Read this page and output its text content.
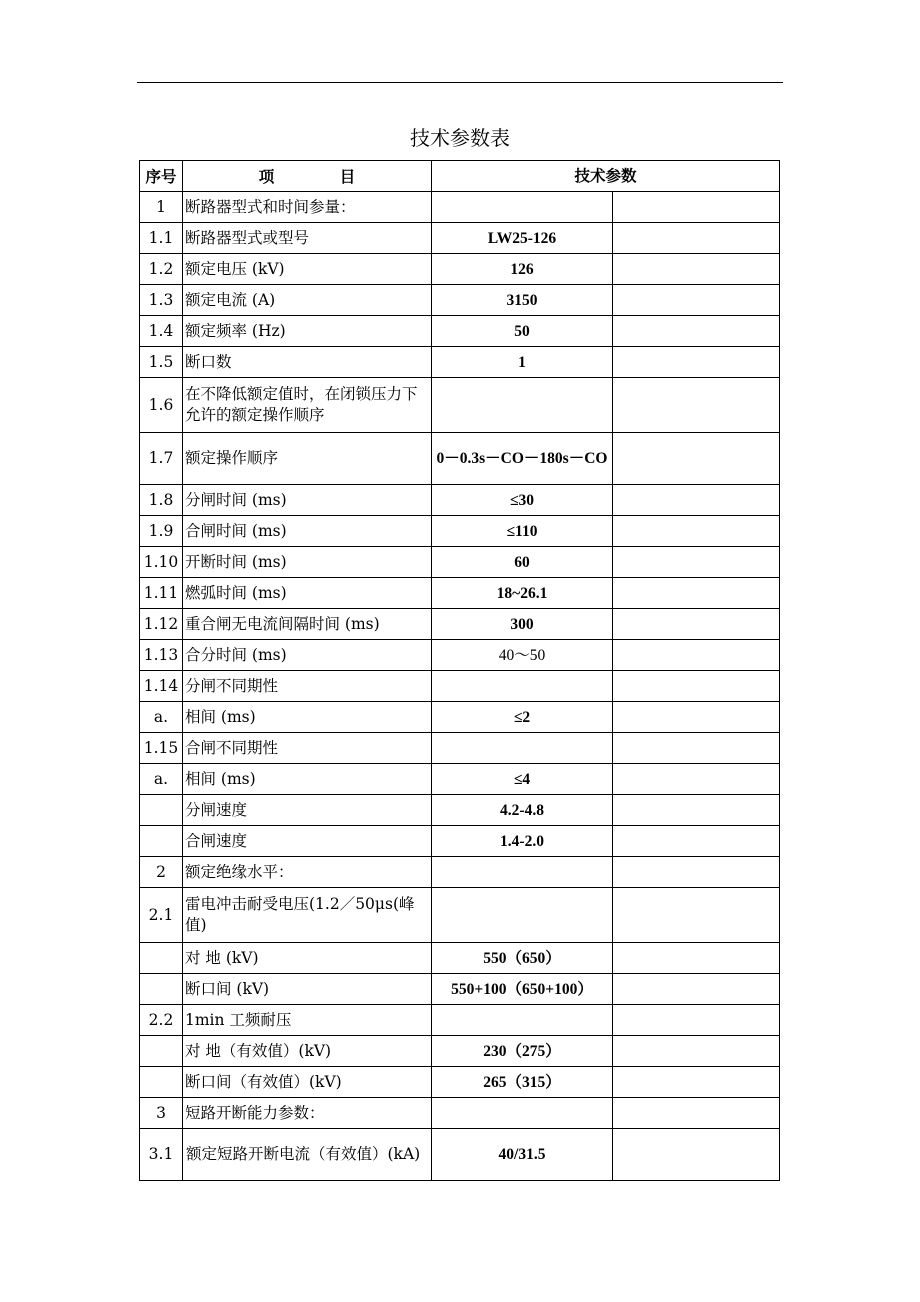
技术参数表
序号	项 目	技术参数	
1	断路器型式和时间参量：		
1.1	断路器型式或型号	LW25-126	
1.2	额定电压 (kV)	126	
1.3	额定电流 (A)	3150	
1.4	额定频率 (Hz)	50	
1.5	断口数	1	
1.6	在不降低额定值时，在闭锁压力下允许的额定操作顺序		
1.7	额定操作顺序	0－0.3s－CO－180s－CO	
1.8	分闸时间 (ms)	≤30	
1.9	合闸时间 (ms)	≤110	
1.10	开断时间 (ms)	60	
1.11	燃弧时间 (ms)	18~26.1	
1.12	重合闸无电流间隔时间 (ms)	300	
1.13	合分时间 (ms)	40～50	
1.14	分闸不同期性		
a.	相间 (ms)	≤2	
1.15	合闸不同期性		
a.	相间 (ms)	≤4	
	分闸速度	4.2-4.8	
	合闸速度	1.4-2.0	
2	额定绝缘水平：		
2.1	雷电冲击耐受电压(1.2／50μs(峰值)		
	对 地 (kV)	550（650）	
	断口间 (kV)	550+100（650+100）	
2.2	1min 工频耐压		
	对 地（有效值）(kV)	230（275）	
	断口间（有效值）(kV)	265（315）	
3	短路开断能力参数：		
3.1	额定短路开断电流（有效值）(kA)	40/31.5	
